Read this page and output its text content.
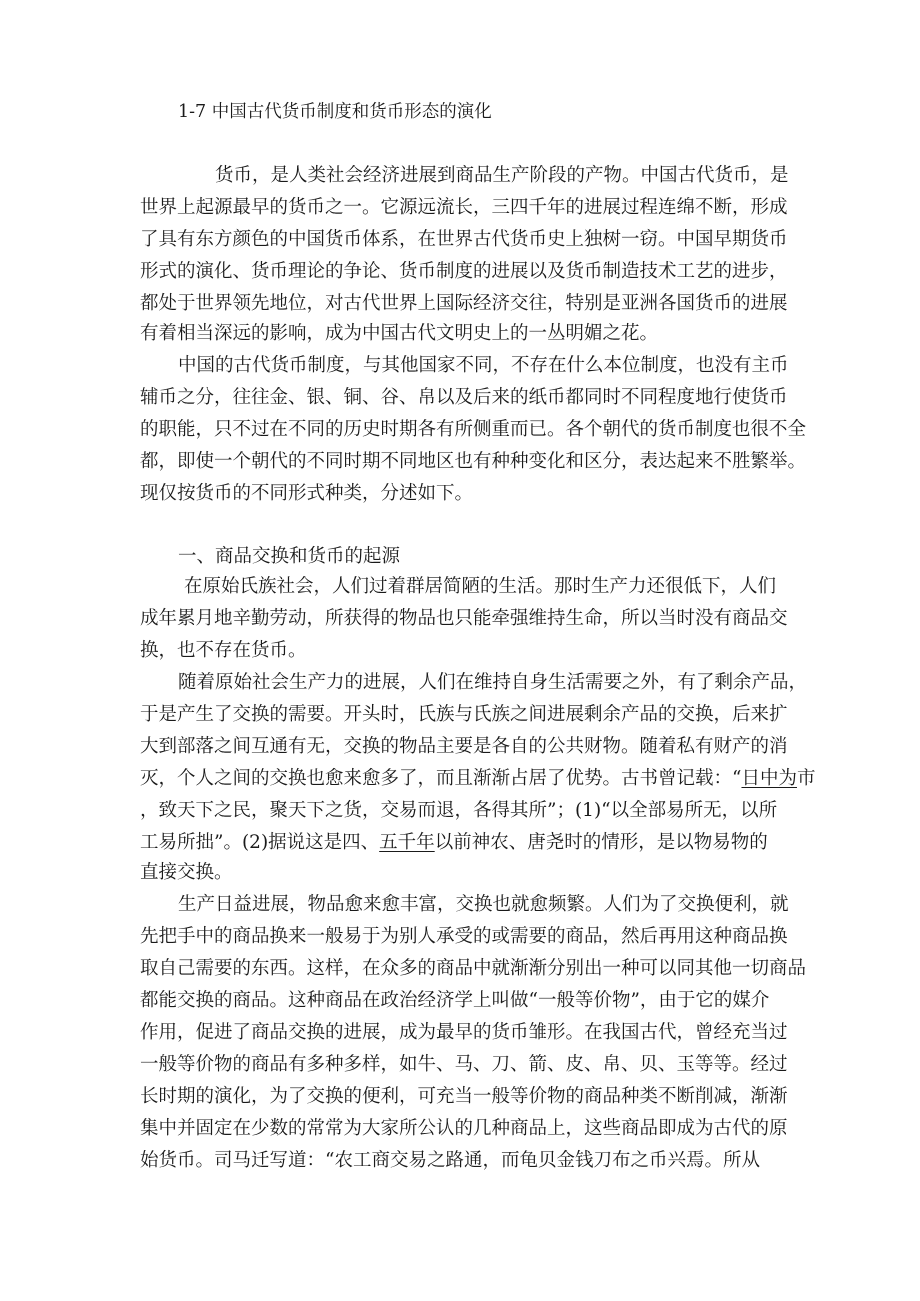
1-7 中国古代货币制度和货币形态的演化
货币，是人类社会经济进展到商品生产阶段的产物。中国古代货币，是
世界上起源最早的货币之一。它源远流长，三四千年的进展过程连绵不断，形成
了具有东方颜色的中国货币体系，在世界古代货币史上独树一窃。中国早期货币
形式的演化、货币理论的争论、货币制度的进展以及货币制造技术工艺的进步，
都处于世界领先地位，对古代世界上国际经济交往，特别是亚洲各国货币的进展
有着相当深远的影响，成为中国古代文明史上的一丛明媚之花。
中国的古代货币制度，与其他国家不同，不存在什么本位制度，也没有主币
辅币之分，往往金、银、铜、谷、帛以及后来的纸币都同时不同程度地行使货币
的职能，只不过在不同的历史时期各有所侧重而已。各个朝代的货币制度也很不全
都，即使一个朝代的不同时期不同地区也有种种变化和区分，表达起来不胜繁举。
现仅按货币的不同形式种类，分述如下。
一、商品交换和货币的起源
在原始氏族社会，人们过着群居简陋的生活。那时生产力还很低下，人们
成年累月地辛勤劳动，所获得的物品也只能牵强维持生命，所以当时没有商品交
换，也不存在货币。
随着原始社会生产力的进展，人们在维持自身生活需要之外，有了剩余产品，
于是产生了交换的需要。开头时，氏族与氏族之间进展剩余产品的交换，后来扩
大到部落之间互通有无，交换的物品主要是各自的公共财物。随着私有财产的消
灭，个人之间的交换也愈来愈多了，而且渐渐占居了优势。古书曾记载：“日中为市
，致天下之民，聚天下之货，交易而退，各得其所”；(1)“以全部易所无，以所
工易所拙”。(2)据说这是四、五千年以前神农、唐尧时的情形，是以物易物的
直接交换。
生产日益进展，物品愈来愈丰富，交换也就愈频繁。人们为了交换便利，就
先把手中的商品换来一般易于为别人承受的或需要的商品，然后再用这种商品换
取自己需要的东西。这样，在众多的商品中就渐渐分别出一种可以同其他一切商品
都能交换的商品。这种商品在政治经济学上叫做“一般等价物”，由于它的媒介
作用，促进了商品交换的进展，成为最早的货币雏形。在我国古代，曾经充当过
一般等价物的商品有多种多样，如牛、马、刀、箭、皮、帛、贝、玉等等。经过
长时期的演化，为了交换的便利，可充当一般等价物的商品种类不断削减，渐渐
集中并固定在少数的常常为大家所公认的几种商品上，这些商品即成为古代的原
始货币。司马迁写道：“农工商交易之路通，而龟贝金钱刀布之币兴焉。所从
